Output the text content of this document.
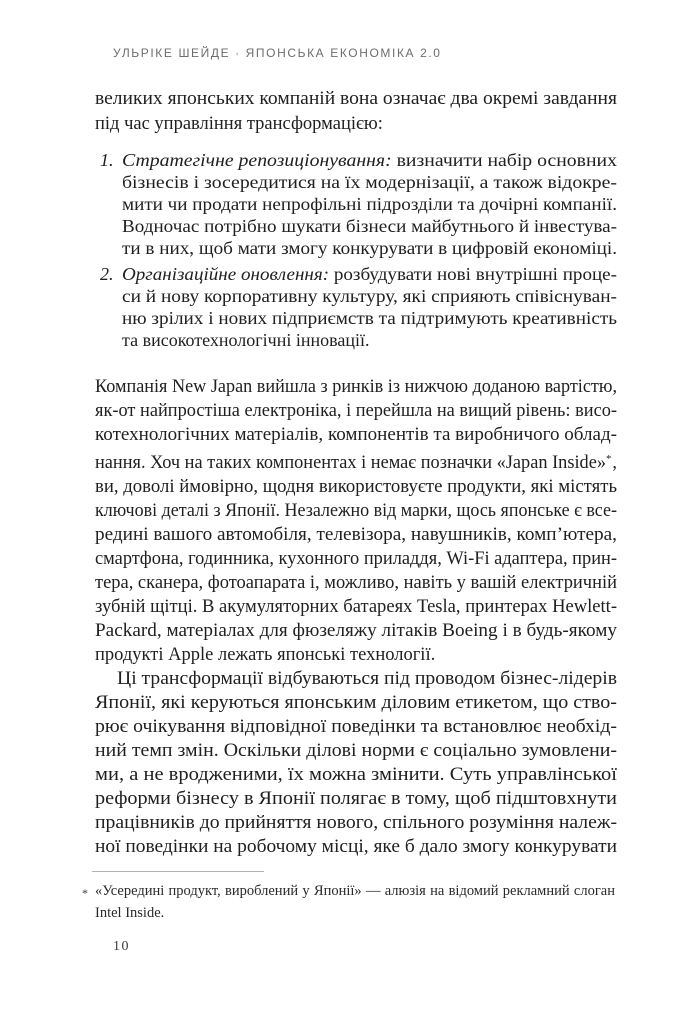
УЛЬРІКЕ ШЕЙДЕ · ЯПОНСЬКА ЕКОНОМІКА 2.0
великих японських компаній вона означає два окремі завдання
під час управління трансформацією:
1. Стратегічне репозиціонування: визначити набір основних
бізнесів і зосередитися на їх модернізації, а також відокре-
мити чи продати непрофільні підрозділи та дочірні компанії.
Водночас потрібно шукати бізнеси майбутнього й інвестува-
ти в них, щоб мати змогу конкурувати в цифровій економіці.
2. Організаційне оновлення: розбудувати нові внутрішні проце-
си й нову корпоративну культуру, які сприяють співіснуван-
ню зрілих і нових підприємств та підтримують креативність
та високотехнологічні інновації.
Компанія New Japan вийшла з ринків із нижчою доданою вартістю,
як-от найпростіша електроніка, і перейшла на вищий рівень: висо-
котехнологічних матеріалів, компонентів та виробничого облад-
нання. Хоч на таких компонентах і немає позначки «Japan Inside»*,
ви, доволі ймовірно, щодня використовуєте продукти, які містять
ключові деталі з Японії. Незалежно від марки, щось японське є все-
редині вашого автомобіля, телевізора, навушників, комп’ютера,
смартфона, годинника, кухонного приладдя, Wi-Fi адаптера, прин-
тера, сканера, фотоапарата і, можливо, навіть у вашій електричній
зубній щітці. В акумуляторних батареях Tesla, принтерах Hewlett-
Packard, матеріалах для фюзеляжу літаків Boeing і в будь-якому
продукті Apple лежать японські технології.
Ці трансформації відбуваються під проводом бізнес-лідерів
Японії, які керуються японським діловим етикетом, що ство-
рює очікування відповідної поведінки та встановлює необхід-
ний темп змін. Оскільки ділові норми є соціально зумовлени-
ми, а не вродженими, їх можна змінити. Суть управлінської
реформи бізнесу в Японії полягає в тому, щоб підштовхнути
працівників до прийняття нового, спільного розуміння належ-
ної поведінки на робочому місці, яке б дало змогу конкурувати
* «Усередині продукт, вироблений у Японії» — алюзія на відомий рекламний слоган Intel Inside.
10
